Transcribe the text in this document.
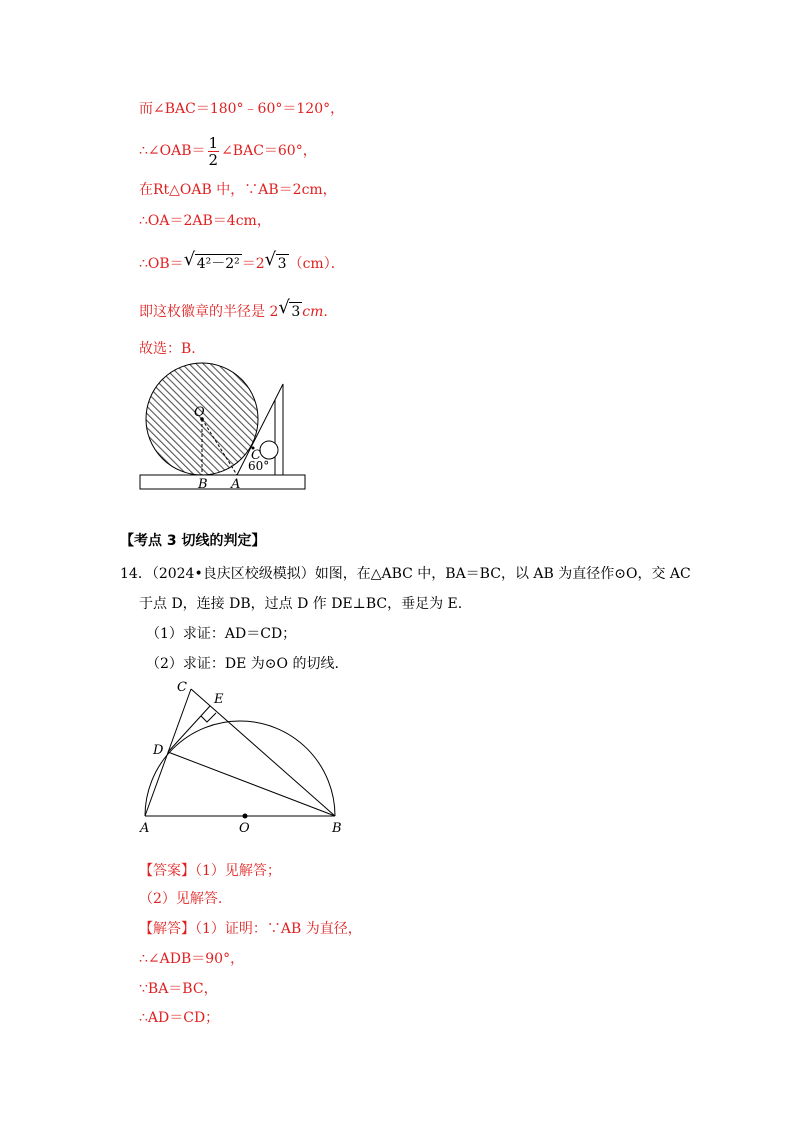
而∠BAC＝180°﹣60°＝120°，
∴∠OAB＝ $\frac{1}{2}$ ∠BAC＝60°，
在Rt△OAB 中，∵AB＝2cm，
∴OA＝2AB＝4cm，
∴OB＝ √ 4²－2² ＝2 √ 3 （cm）．
即这枚徽章的半径是 2 √ 3 cm.
故选：B.
O
C
60°
B A
【考点 3 切线的判定】
14．（2024•良庆区校级模拟）如图，在△ABC 中，BA＝BC，以 AB 为直径作⊙O，交 AC
于点 D，连接 DB，过点 D 作 DE⊥BC，垂足为 E.
（1）求证：AD＝CD；
（2）求证：DE 为⊙O 的切线.
C
E
D
A	O	B
【答案】（1）见解答；
（2）见解答.
【解答】（1）证明：∵AB 为直径，
∴∠ADB＝90°，
∵BA＝BC，
∴AD＝CD；
